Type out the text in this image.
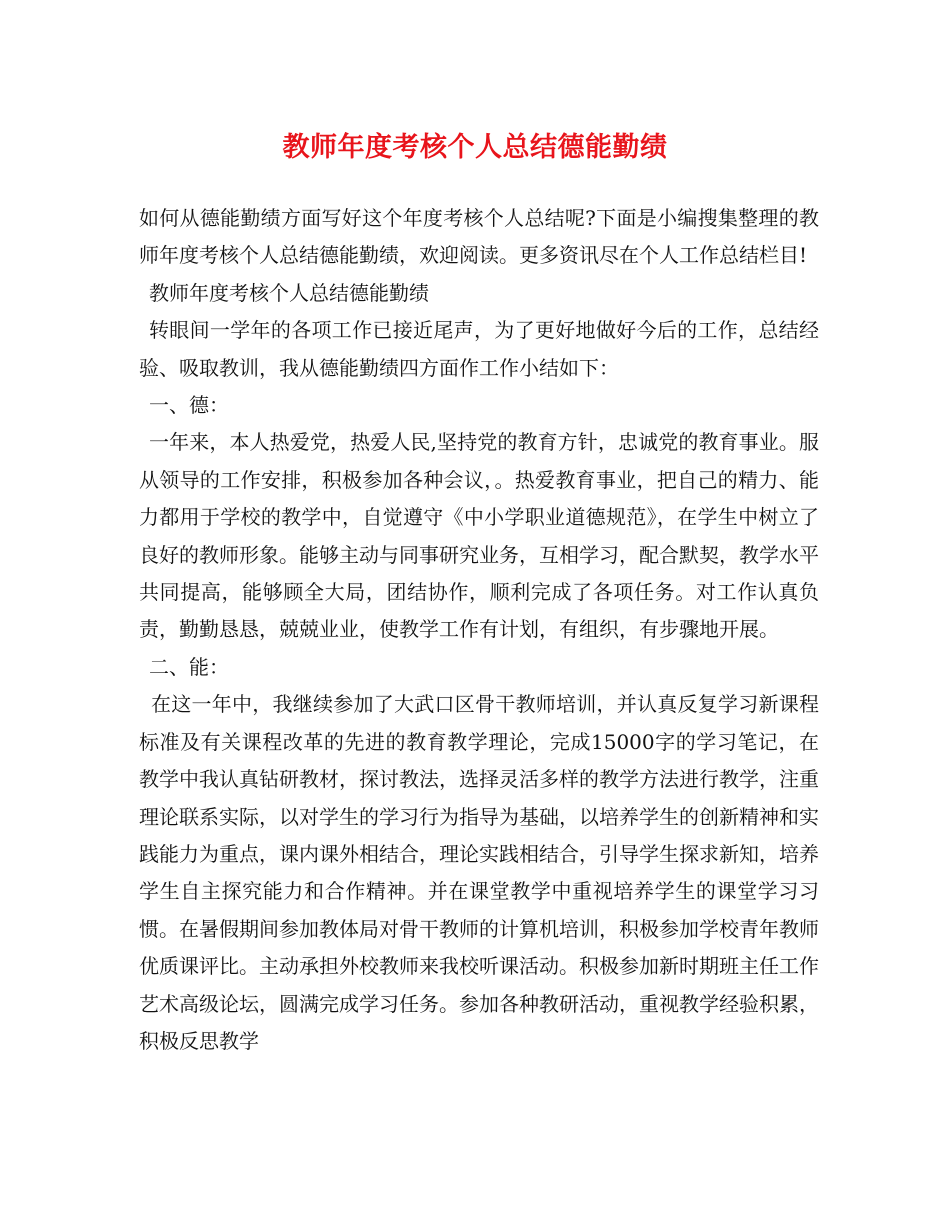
教师年度考核个人总结德能勤绩

如何从德能勤绩方面写好这个年度考核个人总结呢?下面是小编搜集整理的教师年度考核个人总结德能勤绩，欢迎阅读。更多资讯尽在个人工作总结栏目!

教师年度考核个人总结德能勤绩

转眼间一学年的各项工作已接近尾声，为了更好地做好今后的工作，总结经验、吸取教训，我从德能勤绩四方面作工作小结如下：

一、德：

一年来，本人热爱党，热爱人民,坚持党的教育方针，忠诚党的教育事业。服从领导的工作安排，积极参加各种会议，。热爱教育事业，把自己的精力、能力都用于学校的教学中，自觉遵守《中小学职业道德规范》，在学生中树立了良好的教师形象。能够主动与同事研究业务，互相学习，配合默契，教学水平共同提高，能够顾全大局，团结协作，顺利完成了各项任务。对工作认真负责，勤勤恳恳，兢兢业业，使教学工作有计划，有组织，有步骤地开展。

二、能：

在这一年中，我继续参加了大武口区骨干教师培训，并认真反复学习新课程标准及有关课程改革的先进的教育教学理论，完成15000字的学习笔记，在教学中我认真钻研教材，探讨教法，选择灵活多样的教学方法进行教学，注重理论联系实际，以对学生的学习行为指导为基础，以培养学生的创新精神和实践能力为重点，课内课外相结合，理论实践相结合，引导学生探求新知，培养学生自主探究能力和合作精神。并在课堂教学中重视培养学生的课堂学习习惯。在暑假期间参加教体局对骨干教师的计算机培训，积极参加学校青年教师优质课评比。主动承担外校教师来我校听课活动。积极参加新时期班主任工作艺术高级论坛，圆满完成学习任务。参加各种教研活动，重视教学经验积累，积极反思教学
